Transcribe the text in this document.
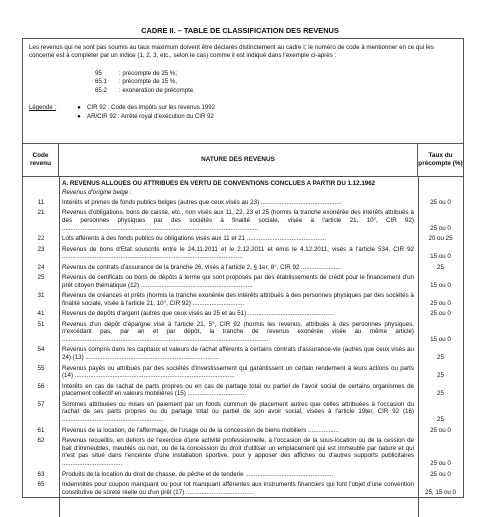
CADRE II. – TABLE DE CLASSIFICATION DES REVENUS
Les revenus qui ne sont pas soumis au taux maximum doivent être déclarés distinctement au cadre I; le numéro de code à mentionner en ce qui les concerne est à compléter par un indice (1, 2, 3, etc., selon le cas) comme il est indiqué dans l'exemple ci-après :
95	: précompte de 25 %;
65.1	: précompte de 15 %,
65.2	: exonération de précompte.
Légende :	●	CIR 92 : Code des impôts sur les revenus 1992
●	AR/CIR 92 : Arrêté royal d'exécution du CIR 92
Code revenu
NATURE DES REVENUS
Taux du précompte (%)
A. REVENUS ALLOUES OU ATTRIBUES EN VERTU DE CONVENTIONS CONCLUES A PARTIR DU 1.12.1962
Revenus d'origine belge :
11	Intérêts et primes de fonds publics belges (autres que ceux visés au 23) ...............................................	25 ou 0
21	Revenus d'obligations, bons de caisse, etc., non visés aux 11, 22, 23 et 25 (hormis la tranche exonérée des intérêts attribués à des personnes physiques par des sociétés à finalité sociale, visée à l'article 21, 10°, CIR 92) ..................................................................................................................	25 ou 0
22	Lots afférents à des fonds publics ou obligations visés aux 11 et 21 ..............................................	20 ou 25
23	Revenus de bons d'Etat souscrits entre le 24.11.2011 et le 2.12.2011 et émis le 4.12.2011, visés à l'article 534, CIR 92 .........................................................................................................	15 ou 0
24	Revenus de contrats d'assurance de la branche 26, visés à l'article 2, § 1er, 8°, CIR 92 .......................	25
25	Revenus de certificats ou bons de dépôts à terme qui sont proposés par des établissements de crédit pour le financement d'un prêt citoyen thématique (12) .................................................................	15 ou 0
31	Revenus de créances et prêts (hormis la tranche exonérée des intérêts attribués à des personnes physiques par des sociétés à finalité sociale, visée à l'article 21, 10°, CIR 92) ..............................	25 ou 0
41	Revenus de dépôts d'argent (autres que ceux visés au 25 et au 51) ..................................................	25 ou 0
51	Revenus d'un dépôt d'épargne visé à l'article 21, 5°, CIR 92 (hormis les revenus, attribués à des personnes physiques, n'excédant pas, par an et par dépôt, la tranche de revenus exonérée visée au même article) ........................................................................................................................	15 ou 0
54	Revenus compris dans les capitaux et valeurs de rachat afférents à certains contrats d'assurance-vie (autres que ceux visés au 24) (13) ..............................................................................	25
55	Revenus payés ou attribués par des sociétés d'investissement qui garantissent un certain rendement à leurs actions ou parts (14) .............................................................................................	25
56	Intérêts en cas de rachat de parts propres ou en cas de partage total ou partiel de l'avoir social de certains organismes de placement collectif en valeurs mobilières (15) ..................................	25
57	Sommes attribuées ou mises en paiement par un fonds commun de placement autres que celles attribuées à l'occasion du rachat de ses parts propres ou du partage total ou partiel de son avoir social, visées à l'article 19ter, CIR 92 (16) ...........................................................	25
61	Revenus de la location, de l'affermage, de l'usage ou de la concession de biens mobiliers ..................	25 ou 0
62	Revenus recueillis, en dehors de l'exercice d'une activité professionnelle, à l'occasion de la sous-location ou de la cession de bail d'immeubles, meublés ou non, ou de la concession du droit d'utiliser un emplacement qui est immeuble par nature et qui n'est pas situé dans l'enceinte d'une installation sportive, pour y apposer des affiches ou d'autres supports publicitaires ...................................	25 ou 0
63	Produits de la location du droit de chasse, de pêche et de tenderie ...................................................	25 ou 0
65	Indemnités pour coupon manquant ou pour lot manquant afférentes aux instruments financiers qui font l'objet d'une convention constitutive de sûreté réelle ou d'un prêt (17) .......................................	25, 15 ou 0
